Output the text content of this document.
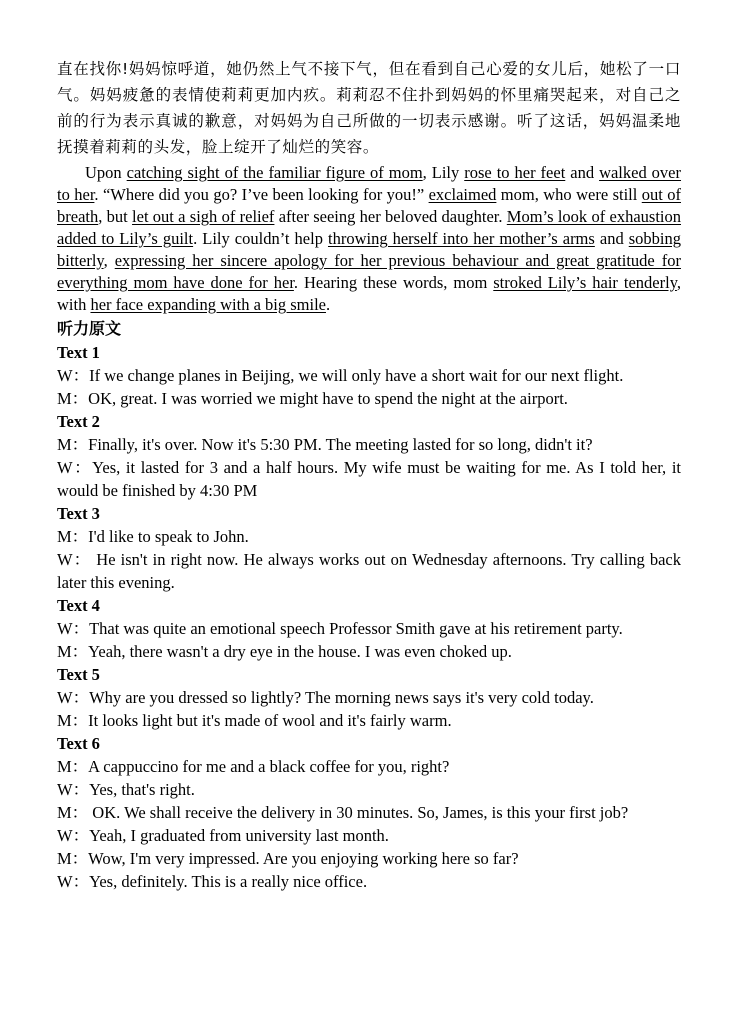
直在找你!妈妈惊呼道，她仍然上气不接下气，但在看到自己心爱的女儿后，她松了一口气。妈妈疲惫的表情使莉莉更加内疚。莉莉忍不住扑到妈妈的怀里痛哭起来，对自己之前的行为表示真诚的歉意，对妈妈为自己所做的一切表示感谢。听了这话，妈妈温柔地抚摸着莉莉的头发，脸上绽开了灿烂的笑容。
Upon catching sight of the familiar figure of mom, Lily rose to her feet and walked over to her. “Where did you go? I’ve been looking for you!” exclaimed mom, who were still out of breath, but let out a sigh of relief after seeing her beloved daughter. Mom’s look of exhaustion added to Lily’s guilt. Lily couldn’t help throwing herself into her mother’s arms and sobbing bitterly, expressing her sincere apology for her previous behaviour and great gratitude for everything mom have done for her. Hearing these words, mom stroked Lily’s hair tenderly, with her face expanding with a big smile.
听力原文
Text 1
W：If we change planes in Beijing, we will only have a short wait for our next flight.
M：OK, great. I was worried we might have to spend the night at the airport.
Text 2
M：Finally, it's over. Now it's 5:30 PM. The meeting lasted for so long, didn't it?
W：Yes, it lasted for 3 and a half hours. My wife must be waiting for me. As I told her, it would be finished by 4:30 PM
Text 3
M：I'd like to speak to John.
W： He isn't in right now. He always works out on Wednesday afternoons. Try calling back later this evening.
Text 4
W：That was quite an emotional speech Professor Smith gave at his retirement party.
M：Yeah, there wasn't a dry eye in the house. I was even choked up.
Text 5
W：Why are you dressed so lightly? The morning news says it's very cold today.
M：It looks light but it's made of wool and it's fairly warm.
Text 6
M：A cappuccino for me and a black coffee for you, right?
W：Yes, that's right.
M： OK. We shall receive the delivery in 30 minutes. So, James, is this your first job?
W：Yeah, I graduated from university last month.
M：Wow, I'm very impressed. Are you enjoying working here so far?
W：Yes, definitely. This is a really nice office.
